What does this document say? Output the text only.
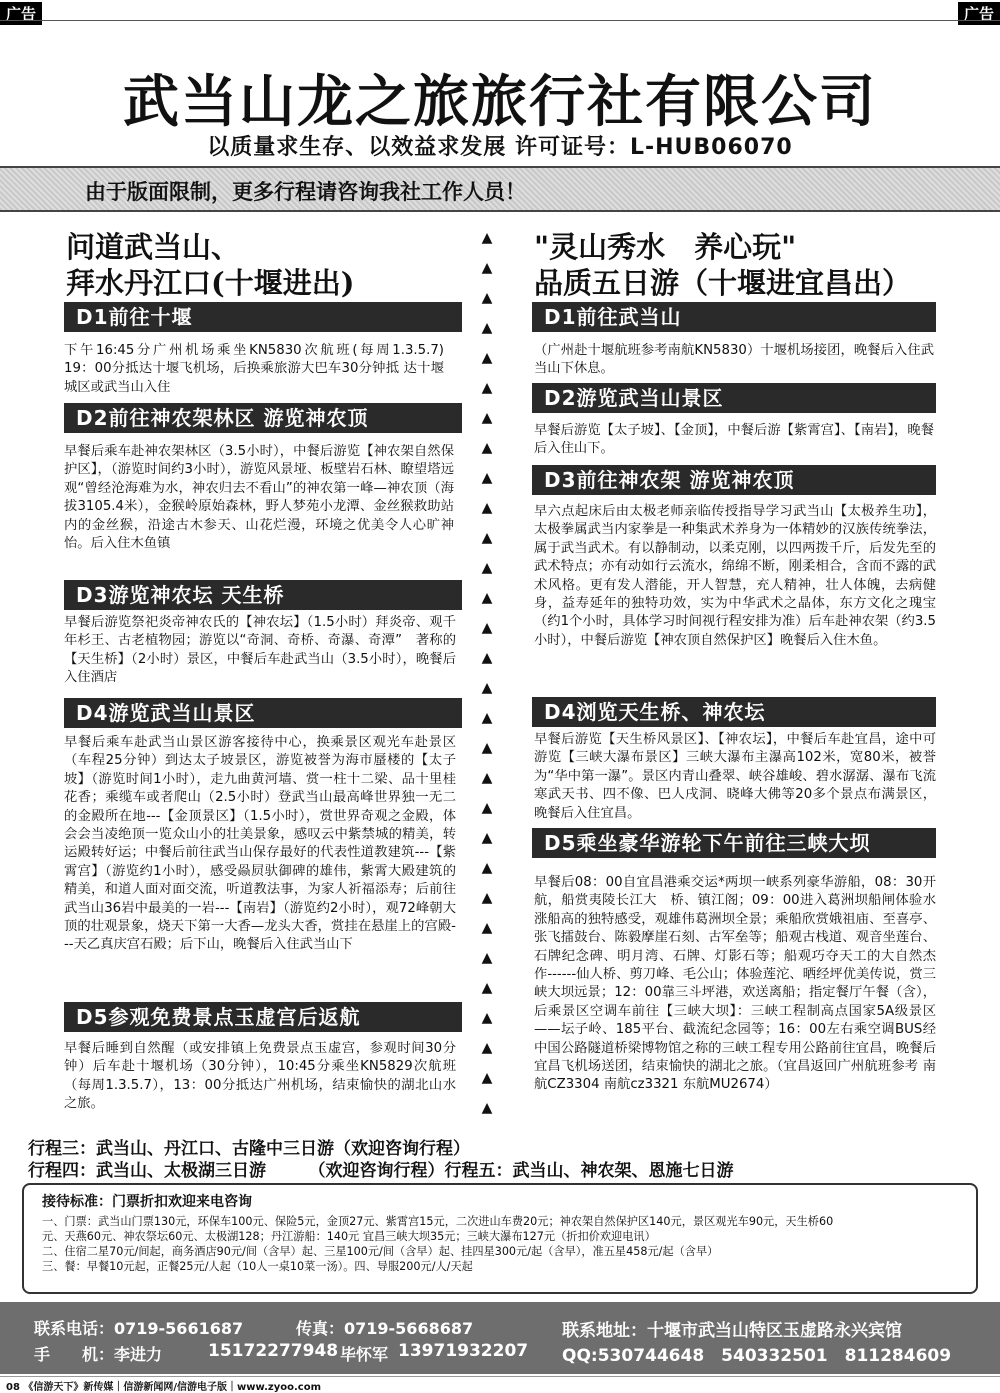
广告	广告
武当山龙之旅旅行社有限公司
以质量求生存、以效益求发展 许可证号：L-HUB06070
由于版面限制，更多行程请咨询我社工作人员！
问道武当山、
拜水丹江口(十堰进出)
D1前往十堰
下午16:45分广州机场乘坐KN5830次航班(每周1.3.5.7)　　19：00分抵达十堰飞机场，后换乘旅游大巴车30分钟抵 达十堰城区或武当山入住
D2前往神农架林区 游览神农顶
早餐后乘车赴神农架林区（3.5小时），中餐后游览【神农架自然保护区】，（游览时间约3小时），游览风景垭、板壁岩石林、瞭望塔远观“曾经沧海难为水，神农归去不看山”的神农第一峰—神农顶（海拔3105.4米），金猴岭原始森林，野人梦苑小龙潭、金丝猴救助站内的金丝猴，沿途古木参天、山花烂漫，环境之优美令人心旷神怡。后入住木鱼镇
D3游览神农坛 天生桥
早餐后游览祭祀炎帝神农氏的【神农坛】（1.5小时）拜炎帝、观千年杉王、古老植物园；游览以“奇洞、奇桥、奇瀑、奇潭”　著称的【天生桥】（2小时）景区，中餐后车赴武当山（3.5小时），晚餐后入住酒店
D4游览武当山景区
早餐后乘车赴武当山景区游客接待中心，换乘景区观光车赴景区（车程25分钟）到达太子坡景区，游览被誉为海市蜃楼的【太子坡】（游览时间1小时），走九曲黄河墙、赏一柱十二梁、品十里桂花香；乘缆车或者爬山（2.5小时）登武当山最高峰世界独一无二的金殿所在地---【金顶景区】（1.5小时），赏世界奇观之金殿，体会会当凌绝顶一览众山小的壮美景象，感叹云中紫禁城的精美，转运殿转好运；中餐后前往武当山保存最好的代表性道教建筑---【紫霄宫】（游览约1小时），感受赑屃驮御碑的雄伟，紫霄大殿建筑的精美，和道人面对面交流，听道教法事，为家人祈福添寿；后前往武当山36岩中最美的一岩---【南岩】（游览约2小时），观72峰朝大顶的壮观景象，烧天下第一大香—龙头大香，赏挂在悬崖上的宫殿---天乙真庆宫石殿；后下山，晚餐后入住武当山下
D5参观免费景点玉虚宫后返航
早餐后睡到自然醒（或安排镇上免费景点玉虚宫，参观时间30分钟）后车赴十堰机场（30分钟），10:45分乘坐KN5829次航班（每周1.3.5.7），13：00分抵达广州机场，结束愉快的湖北山水之旅。
▲
▲
▲
▲
▲
▲
▲
▲
▲
▲
▲
▲
▲
▲
▲
▲
▲
▲
▲
▲
▲
▲
▲
▲
▲
▲
▲
▲
▲
▲
"灵山秀水　养心玩"
品质五日游（十堰进宜昌出）
D1前往武当山
（广州赴十堰航班参考南航KN5830）十堰机场接团，晚餐后入住武当山下休息。
D2游览武当山景区
早餐后游览【太子坡】、【金顶】，中餐后游【紫霄宫】、【南岩】，晚餐后入住山下。
D3前往神农架 游览神农顶
早六点起床后由太极老师亲临传授指导学习武当山【太极养生功】，太极拳属武当内家拳是一种集武术养身为一体精妙的汉族传统拳法，属于武当武术。有以静制动，以柔克刚，以四两拨千斤，后发先至的武术特点；亦有动如行云流水，绵绵不断，刚柔相合，含而不露的武术风格。更有发人潜能，开人智慧，充人精神，壮人体魄，去病健身，益寿延年的独特功效，实为中华武术之晶体，东方文化之瑰宝（约1个小时，具体学习时间视行程安排为准）后车赴神农架（约3.5小时），中餐后游览【神农顶自然保护区】晚餐后入住木鱼。
D4浏览天生桥、神农坛
早餐后游览【天生桥风景区】、【神农坛】，中餐后车赴宜昌，途中可游览【三峡大瀑布景区】三峡大瀑布主瀑高102米，宽80米，被誉为“华中第一瀑”。景区内青山叠翠、峡谷雄峻、碧水潺潺、瀑布飞流寒武天书、四不像、巴人戌洞、晓峰大佛等20多个景点布满景区，晚餐后入住宜昌。
D5乘坐豪华游轮下午前往三峡大坝
早餐后08：00自宜昌港乘交运*两坝一峡系列豪华游船，08：30开航，船赏夷陵长江大　桥、镇江阁；09：00进入葛洲坝船闸体验水涨船高的独特感受，观雄伟葛洲坝全景；乘船欣赏娥祖庙、至喜亭、张飞擂鼓台、陈毅摩崖石刻、古军垒等；船观古栈道、观音坐莲台、石牌纪念碑、明月湾、石牌、灯影石等；船观巧夺天工的大自然杰作------仙人桥、剪刀峰、毛公山；体验莲沱、晒经坪优美传说，赏三峡大坝远景；12：00靠三斗坪港，欢送离船；指定餐厅午餐（含），后乘景区空调车前往【三峡大坝】：三峡工程制高点国家5A级景区——坛子岭、185平台、截流纪念园等；16：00左右乘空调BUS经中国公路隧道桥梁博物馆之称的三峡工程专用公路前往宜昌，晚餐后宜昌飞机场送团，结束愉快的湖北之旅。（宜昌返回广州航班参考 南航CZ3304 南航cz3321 东航MU2674）
行程三：武当山、丹江口、古隆中三日游（欢迎咨询行程）
行程四：武当山、太极湖三日游　　　（欢迎咨询行程）行程五：武当山、神农架、恩施七日游
接待标准：门票折扣欢迎来电咨询
一、门票：武当山门票130元，环保车100元、保险5元，金顶27元、紫霄宫15元，二次进山车费20元；神农架自然保护区140元，景区观光车90元，天生桥60
元、天燕60元、神农祭坛60元、太极湖128；丹江游船：140元 宜昌三峡大坝35元；三峡大瀑布127元（折扣价欢迎电讯）
二、住宿二星70元/间起，商务酒店90元/间（含早）起、三星100元/间（含早）起、挂四星300元/起（含早），准五星458元/起（含早）
三、餐：早餐10元起，正餐25元/人起（10人一桌10菜一汤）。四、导服200元/人/天起
联系电话：0719-5661687	传真：0719-5668687	联系地址：十堰市武当山特区玉虚路永兴宾馆
手　　机：李进力	15172277948 毕怀军 13971932207 QQ:530744648　540332501　811284609
08 《信游天下》新传媒｜信游新闻网/信游电子版｜www.zyoo.com
